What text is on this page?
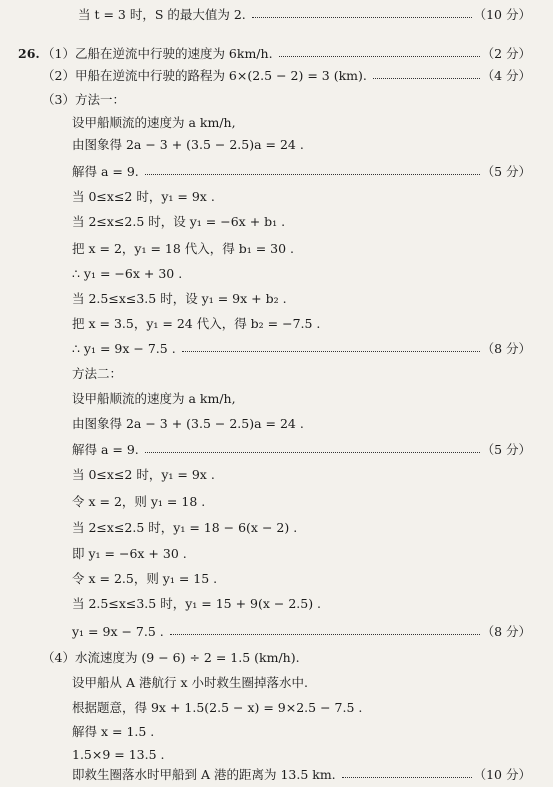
当 t = 3 时，S 的最大值为 2.	（10 分）
26. （1）乙船在逆流中行驶的速度为 6km/h.	（2 分）
（2）甲船在逆流中行驶的路程为 6×(2.5 − 2) = 3 (km).	（4 分）
（3）方法一：
设甲船顺流的速度为 a km/h,
由图象得 2a − 3 + (3.5 − 2.5)a = 24 .
解得 a = 9.	（5 分）
当 0≤x≤2 时，y₁ = 9x .
当 2≤x≤2.5 时，设 y₁ = −6x + b₁ .
把 x = 2，y₁ = 18 代入，得 b₁ = 30 .
∴ y₁ = −6x + 30 .
当 2.5≤x≤3.5 时，设 y₁ = 9x + b₂ .
把 x = 3.5，y₁ = 24 代入，得 b₂ = −7.5 .
∴ y₁ = 9x − 7.5 .	（8 分）
方法二：
设甲船顺流的速度为 a km/h,
由图象得 2a − 3 + (3.5 − 2.5)a = 24 .
解得 a = 9.	（5 分）
当 0≤x≤2 时，y₁ = 9x .
令 x = 2，则 y₁ = 18 .
当 2≤x≤2.5 时，y₁ = 18 − 6(x − 2) .
即 y₁ = −6x + 30 .
令 x = 2.5，则 y₁ = 15 .
当 2.5≤x≤3.5 时，y₁ = 15 + 9(x − 2.5) .
y₁ = 9x − 7.5 .	（8 分）
（4）水流速度为 (9 − 6) ÷ 2 = 1.5 (km/h).
设甲船从 A 港航行 x 小时救生圈掉落水中.
根据题意，得 9x + 1.5(2.5 − x) = 9×2.5 − 7.5 .
解得 x = 1.5 .
1.5×9 = 13.5 .
即救生圈落水时甲船到 A 港的距离为 13.5 km.	（10 分）
